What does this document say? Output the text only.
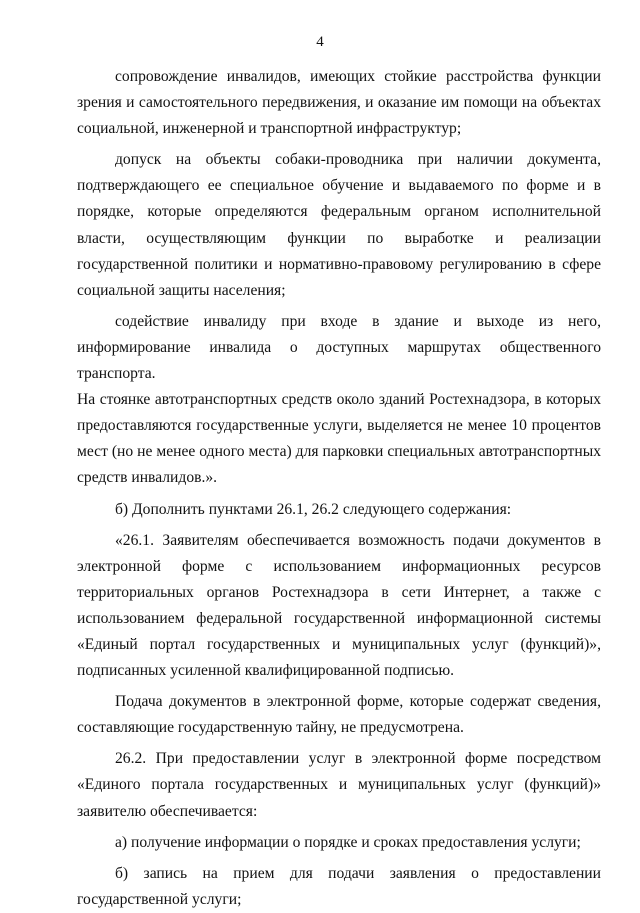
4

сопровождение инвалидов, имеющих стойкие расстройства функции зрения и самостоятельного передвижения, и оказание им помощи на объектах социальной, инженерной и транспортной инфраструктур;

допуск на объекты собаки-проводника при наличии документа, подтверждающего ее специальное обучение и выдаваемого по форме и в порядке, которые определяются федеральным органом исполнительной власти, осуществляющим функции по выработке и реализации государственной политики и нормативно-правовому регулированию в сфере социальной защиты населения;

содействие инвалиду при входе в здание и выходе из него, информирование инвалида о доступных маршрутах общественного транспорта.

На стоянке автотранспортных средств около зданий Ростехнадзора, в которых предоставляются государственные услуги, выделяется не менее 10 процентов мест (но не менее одного места) для парковки специальных автотранспортных средств инвалидов.».

б) Дополнить пунктами 26.1, 26.2 следующего содержания:

«26.1. Заявителям обеспечивается возможность подачи документов в электронной форме с использованием информационных ресурсов территориальных органов Ростехнадзора в сети Интернет, а также с использованием федеральной государственной информационной системы «Единый портал государственных и муниципальных услуг (функций)», подписанных усиленной квалифицированной подписью.

Подача документов в электронной форме, которые содержат сведения, составляющие государственную тайну, не предусмотрена.

26.2. При предоставлении услуг в электронной форме посредством «Единого портала государственных и муниципальных услуг (функций)» заявителю обеспечивается:

а) получение информации о порядке и сроках предоставления услуги;

б) запись на прием для подачи заявления о предоставлении государственной услуги;
